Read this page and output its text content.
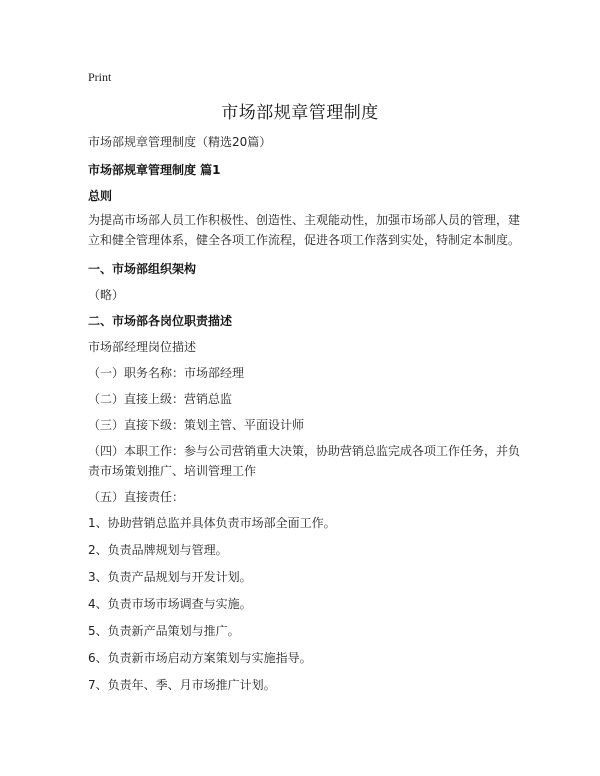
Print
市场部规章管理制度
市场部规章管理制度（精选20篇）
市场部规章管理制度 篇1
总则
为提高市场部人员工作积极性、创造性、主观能动性，加强市场部人员的管理，建立和健全管理体系，健全各项工作流程，促进各项工作落到实处，特制定本制度。
一、市场部组织架构
（略）
二、市场部各岗位职责描述
市场部经理岗位描述
（一）职务名称：市场部经理
（二）直接上级：营销总监
（三）直接下级：策划主管、平面设计师
（四）本职工作：参与公司营销重大决策，协助营销总监完成各项工作任务，并负责市场策划推广、培训管理工作
（五）直接责任：
1、协助营销总监并具体负责市场部全面工作。
2、负责品牌规划与管理。
3、负责产品规划与开发计划。
4、负责市场市场调查与实施。
5、负责新产品策划与推广。
6、负责新市场启动方案策划与实施指导。
7、负责年、季、月市场推广计划。
